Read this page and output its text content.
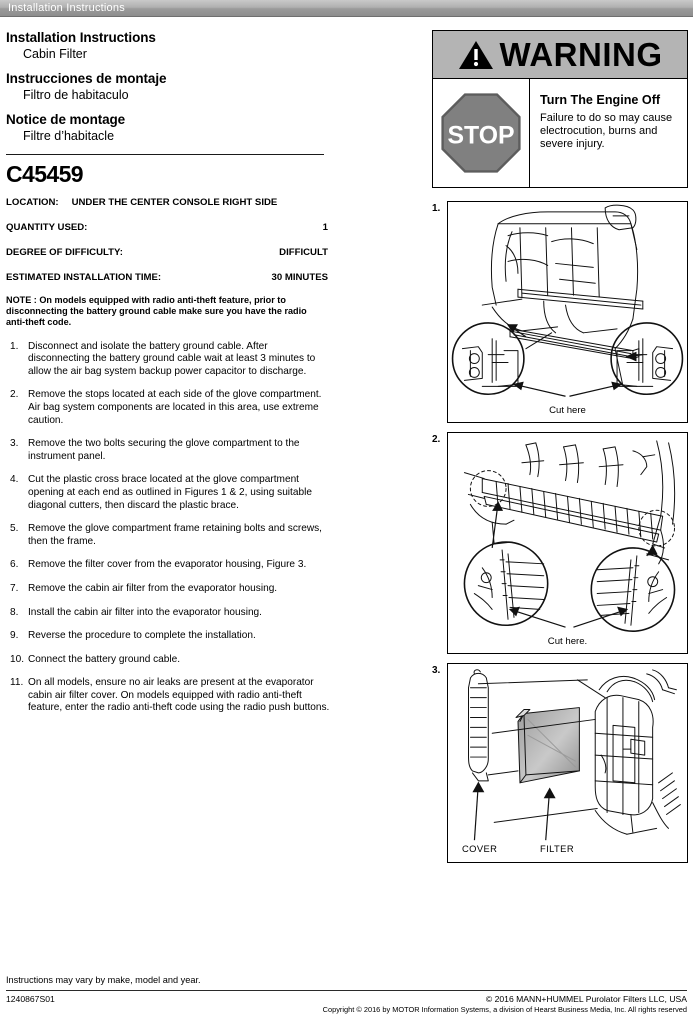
Installation Instructions
Installation Instructions
Cabin Filter
Instrucciones de montaje
Filtro de habitaculo
Notice de montage
Filtre d’habitacle
C45459
LOCATION: UNDER THE CENTER CONSOLE RIGHT SIDE
QUANTITY USED:	1
DEGREE OF DIFFICULTY:	DIFFICULT
ESTIMATED INSTALLATION TIME:	30 MINUTES
NOTE : On models equipped with radio anti-theft feature, prior to disconnecting the battery ground cable make sure you have the radio anti-theft code.
1. Disconnect and isolate the battery ground cable. After disconnecting the battery ground cable wait at least 3 minutes to allow the air bag system backup power capacitor to discharge.
2. Remove the stops located at each side of the glove compartment. Air bag system components are located in this area, use extreme caution.
3. Remove the two bolts securing the glove compartment to the instrument panel.
4. Cut the plastic cross brace located at the glove compartment opening at each end as outlined in Figures 1 & 2, using suitable diagonal cutters, then discard the plastic brace.
5. Remove the glove compartment frame retaining bolts and screws, then the frame.
6. Remove the filter cover from the evaporator housing, Figure 3.
7. Remove the cabin air filter from the evaporator housing.
8. Install the cabin air filter into the evaporator housing.
9. Reverse the procedure to complete the installation.
10. Connect the battery ground cable.
11. On all models, ensure no air leaks are present at the evaporator cabin air filter cover. On models equipped with radio anti-theft feature, enter the radio anti-theft code using the radio push buttons.
WARNING
STOP
Turn The Engine Off
Failure to do so may cause electrocution, burns and severe injury.
1.
Cut here
2.
Cut here.
3.
COVER	FILTER
Instructions may vary by make, model and year.
1240867S01	© 2016 MANN+HUMMEL Purolator Filters LLC, USA
Copyright © 2016 by MOTOR Information Systems, a division of Hearst Business Media, Inc. All rights reserved
